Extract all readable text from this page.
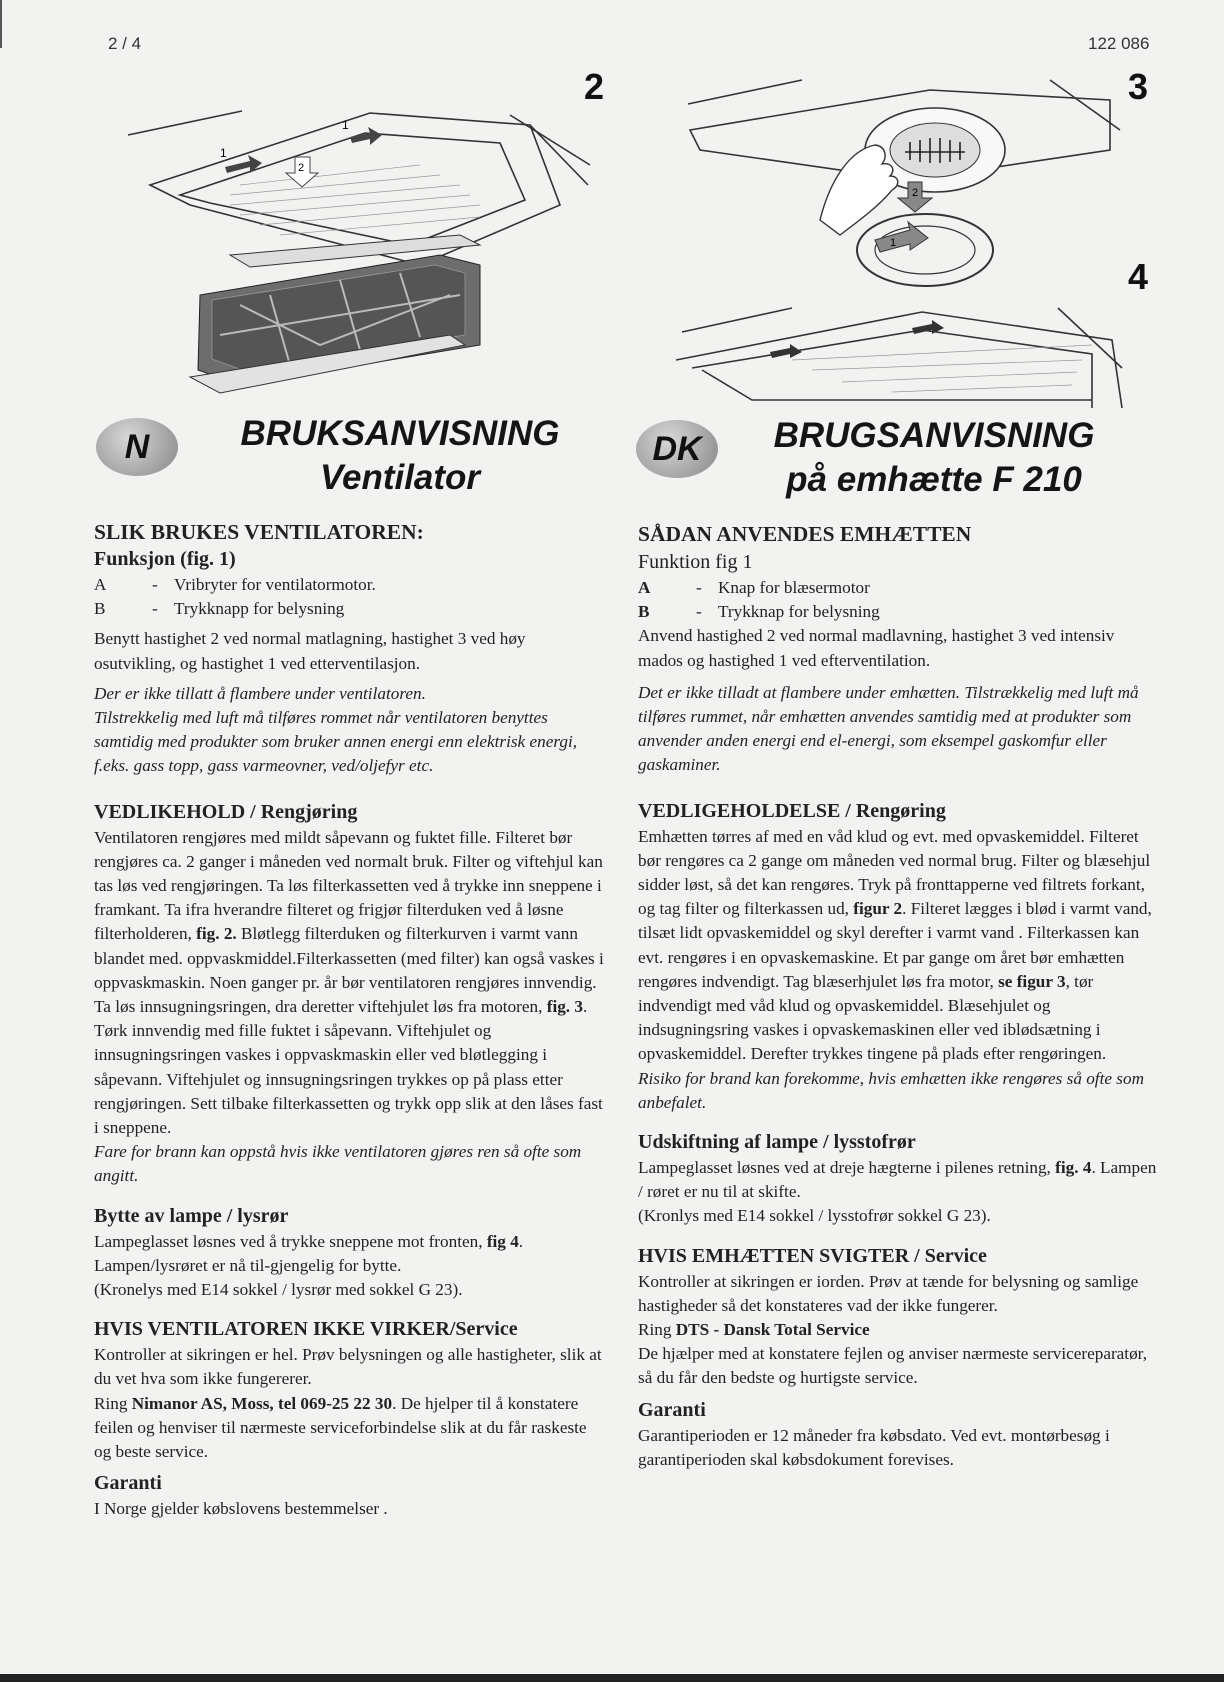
2 / 4	122 086
2	3
4
1
1
2
2
1
N	BRUKSANVISNING
Ventilator

SLIK BRUKES VENTILATOREN:

Funksjon (fig. 1)

A	- Vribryter for ventilatormotor.
B	- Trykknapp for belysning

Benytt hastighet 2 ved normal matlagning, hastighet 3 ved høy osutvikling, og hastighet 1 ved etterventilasjon.

Der er ikke tillatt å flambere under ventilatoren.

Tilstrekkelig med luft må tilføres rommet når ventilatoren benyttes samtidig med produkter som bruker annen energi enn elektrisk energi, f.eks. gass topp, gass varmeovner, ved/oljefyr etc.

VEDLIKEHOLD / Rengjøring

Ventilatoren rengjøres med mildt såpevann og fuktet fille. Filteret bør rengjøres ca. 2 ganger i måneden ved normalt bruk. Filter og viftehjul kan tas løs ved rengjøringen. Ta løs filterkassetten ved å trykke inn sneppene i framkant. Ta ifra hverandre filteret og frigjør filterduken ved å løsne filterholderen, fig. 2. Bløtlegg filterduken og filterkurven i varmt vann blandet med. oppvaskmiddel.Filterkassetten (med filter) kan også vaskes i oppvaskmaskin. Noen ganger pr. år bør ventilatoren rengjøres innvendig. Ta løs innsugningsringen, dra deretter viftehjulet løs fra motoren, fig. 3. Tørk innvendig med fille fuktet i såpevann. Viftehjulet og innsugningsringen vaskes i oppvaskmaskin eller ved bløtlegging i såpevann. Viftehjulet og innsugningsringen trykkes op på plass etter rengjøringen. Sett tilbake filterkassetten og trykk opp slik at den låses fast i sneppene.

Fare for brann kan oppstå hvis ikke ventilatoren gjøres ren så ofte som angitt.

Bytte av lampe / lysrør

Lampeglasset løsnes ved å trykke sneppene mot fronten, fig 4. Lampen/lysrøret er nå til-gjengelig for bytte.

(Kronelys med E14 sokkel / lysrør med sokkel G 23).

HVIS VENTILATOREN IKKE VIRKER/Service

Kontroller at sikringen er hel. Prøv belysningen og alle hastigheter, slik at du vet hva som ikke fungererer.

Ring Nimanor AS, Moss, tel 069-25 22 30. De hjelper til å konstatere feilen og henviser til nærmeste serviceforbindelse slik at du får raskeste og beste service.

Garanti

I Norge gjelder købslovens bestemmelser .

DK	BRUGSANVISNING
på emhætte F 210

SÅDAN ANVENDES EMHÆTTEN

Funktion fig 1

A	- Knap for blæsermotor
B	- Trykknap for belysning

Anvend hastighed 2 ved normal madlavning, hastighet 3 ved intensiv mados og hastighed 1 ved efterventilation.

Det er ikke tilladt at flambere under emhætten. Tilstrækkelig med luft må tilføres rummet, når emhætten anvendes samtidig med at produkter som anvender anden energi end el-energi, som eksempel gaskomfur eller gaskaminer.

VEDLIGEHOLDELSE / Rengøring

Emhætten tørres af med en våd klud og evt. med opvaskemiddel. Filteret bør rengøres ca 2 gange om måneden ved normal brug. Filter og blæsehjul sidder løst, så det kan rengøres. Tryk på fronttapperne ved filtrets forkant, og tag filter og filterkassen ud, figur 2. Filteret lægges i blød i varmt vand, tilsæt lidt opvaskemiddel og skyl derefter i varmt vand . Filterkassen kan evt. rengøres i en opvaskemaskine. Et par gange om året bør emhætten rengøres indvendigt. Tag blæserhjulet løs fra motor, se figur 3, tør indvendigt med våd klud og opvaskemiddel. Blæsehjulet og indsugningsring vaskes i opvaskemaskinen eller ved iblødsætning i opvaskemiddel. Derefter trykkes tingene på plads efter rengøringen.

Risiko for brand kan forekomme, hvis emhætten ikke rengøres så ofte som anbefalet.

Udskiftning af lampe / lysstofrør

Lampeglasset løsnes ved at dreje hægterne i pilenes retning, fig. 4. Lampen / røret er nu til at skifte.

(Kronlys med E14 sokkel / lysstofrør sokkel G 23).

HVIS EMHÆTTEN SVIGTER / Service

Kontroller at sikringen er iorden. Prøv at tænde for belysning og samlige hastigheder så det konstateres vad der ikke fungerer.

Ring DTS - Dansk Total Service

De hjælper med at konstatere fejlen og anviser nærmeste servicereparatør, så du får den bedste og hurtigste service.

Garanti

Garantiperioden er 12 måneder fra købsdato. Ved evt. montørbesøg i garantiperioden skal købsdokument forevises.
